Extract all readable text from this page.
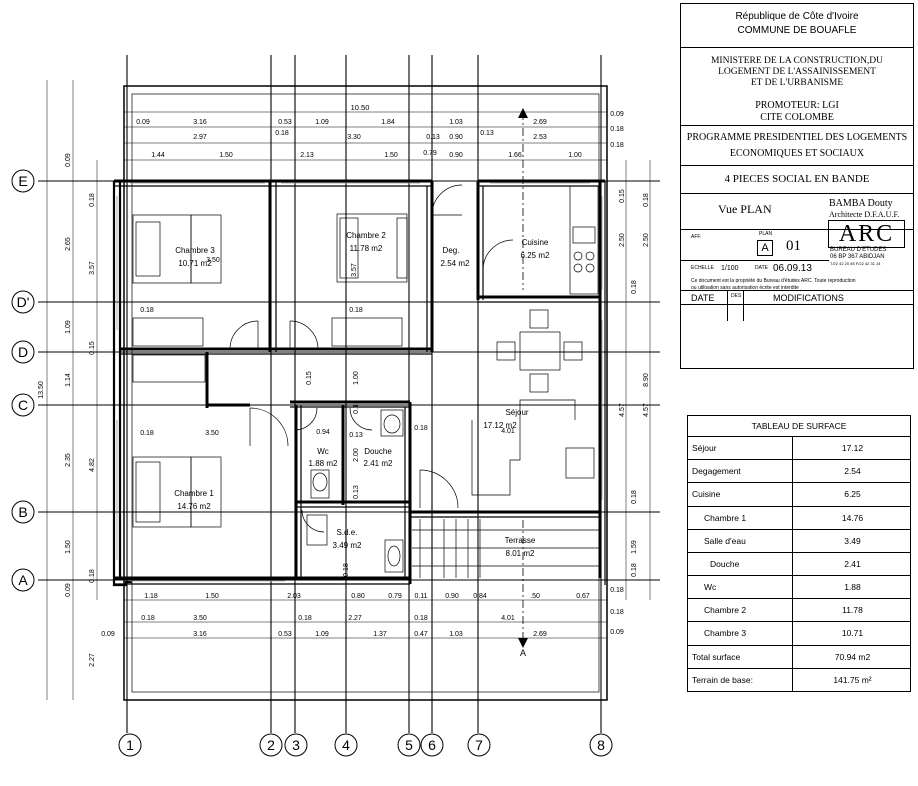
E
D'
D
C
B
A
1	2 3	4	5 6	7	8
10.50
0.09	3.16	0.53	1.09	1.84	1.03	2.69
0.09
2.97
0.18
3.30	0.13 0.90
0.13
2.53
0.18
1.44	1.50	2.13	1.50	0.79 0.90	1.66	1.00
0.18
1.18	1.50	2.03	0.80	0.79 0.11	0.90 0.84	.50	0.67
0.18
0.18	3.50	0.18	2.27	0.18	4.01
0.18
0.09	3.16	0.53	1.09	1.37	0.47	1.03	2.69	0.09
13.50
0.09
2.65
1.09
0.15
1.14
2.35
1.50
0.09
0.18
3.57
4.82
0.18
2.27
0.15
2.50
0.18
4.57
0.18
1.59
0.18
0.18
2.50
8.90
4.57
A
A
Chambre 3
10.71 m2
Chambre 2
11.78 m2	Deg.
2.54 m2
Cuisine
6.25 m2
Séjour
17.12 m2
Wc
1.88 m2
Douche
2.41 m2
Chambre 1
14.76 m2
S.d.e.
3.49 m2
Terrasse
8.01 m2
3.50
0.18
3.57
0.18
3.50	0.94	0.13
2.00
0.13
0.13
1.00
0.18
0.15
4.01
0.18
0.18
République de Côte d'Ivoire
COMMUNE DE BOUAFLE
MINISTERE DE LA CONSTRUCTION,DU
LOGEMENT DE L'ASSAINISSEMENT
ET DE L'URBANISME
PROMOTEUR: LGI
CITE COLOMBE
PROGRAMME PRESIDENTIEL DES LOGEMENTS
ECONOMIQUES ET SOCIAUX
4 PIECES SOCIAL EN BANDE
Vue PLAN	BAMBA Douty
Architecte D.F.A.U.F.
AFF.	PLAN
A 01	ARC
BUREAU D'ETUDES
06 BP 367 ABIDJAN
T/22 42 20 85 F/22 42 31 14
ECHELLE 1/100	DATE 06.09.13
Ce document est la propriété du Bureau d'études ARC. Toute reproduction
ou utilisation sans autorisation écrite est interdite
DATE	DES	MODIFICATIONS
TABLEAU DE SURFACE
Séjour	17.12
Degagement	2.54
Cuisine	6.25
Chambre 1	14.76
Salle d'eau	3.49
Douche	2.41
Wc	1.88
Chambre 2	11.78
Chambre 3	10.71
Total surface	70.94 m2
Terrain de base:	141.75 m²
